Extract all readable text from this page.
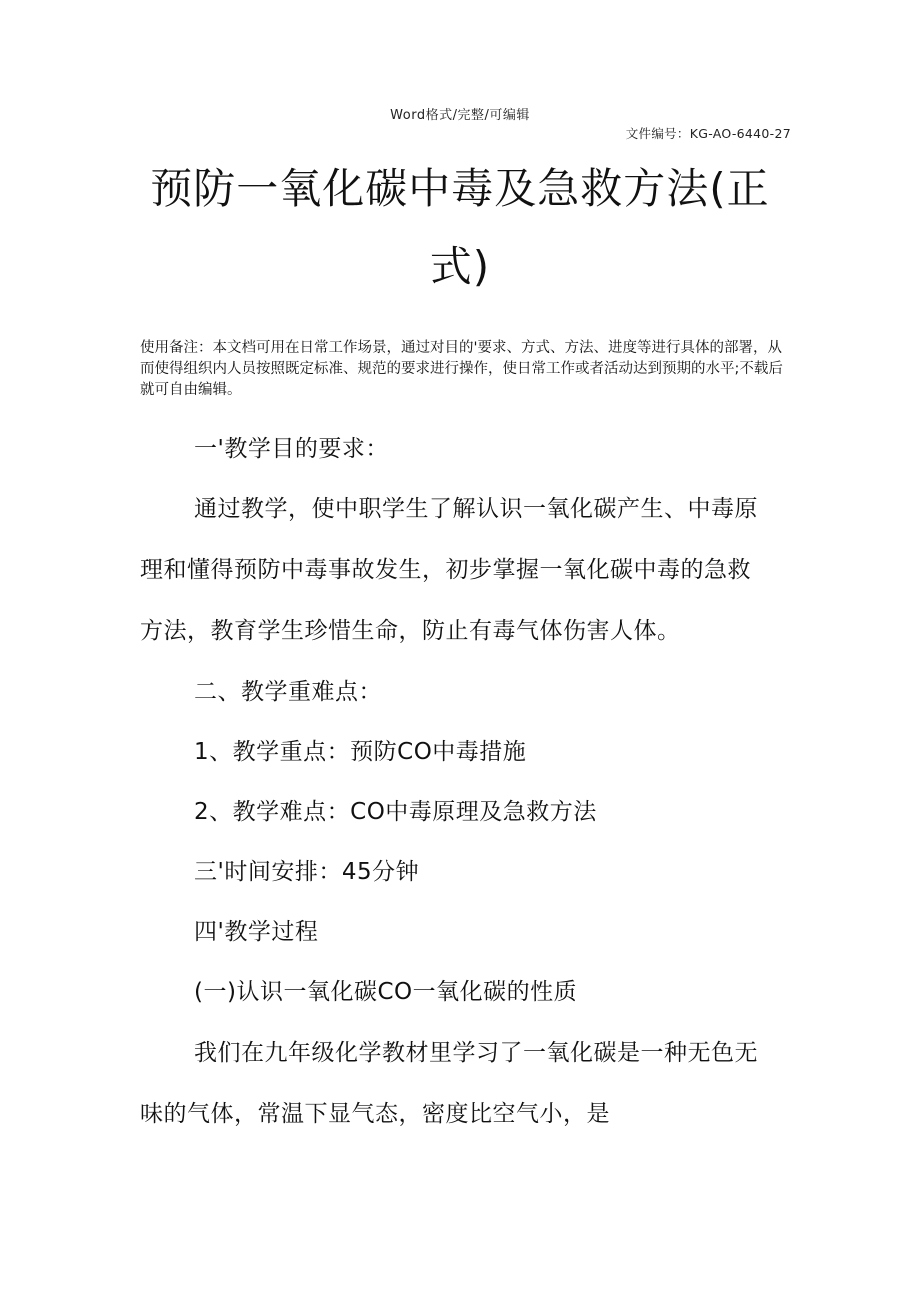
Word格式/完整/可编辑
文件编号：KG-AO-6440-27
预防一氧化碳中毒及急救方法(正
式)

使用备注：本文档可用在日常工作场景，通过对目的'要求、方式、方法、进度等进行具体的部署，从而使得组织内人员按照既定标准、规范的要求进行操作，使日常工作或者活动达到预期的水平;不载后就可自由编辑。

一'教学目的要求：
通过教学，使中职学生了解认识一氧化碳产生、中毒原
理和懂得预防中毒事故发生，初步掌握一氧化碳中毒的急救
方法，教育学生珍惜生命，防止有毒气体伤害人体。
二、教学重难点：
1、教学重点：预防CO中毒措施
2、教学难点：CO中毒原理及急救方法
三'时间安排：45分钟
四'教学过程
(一)认识一氧化碳CO一氧化碳的性质
我们在九年级化学教材里学习了一氧化碳是一种无色无
味的气体，常温下显气态，密度比空气小，是
